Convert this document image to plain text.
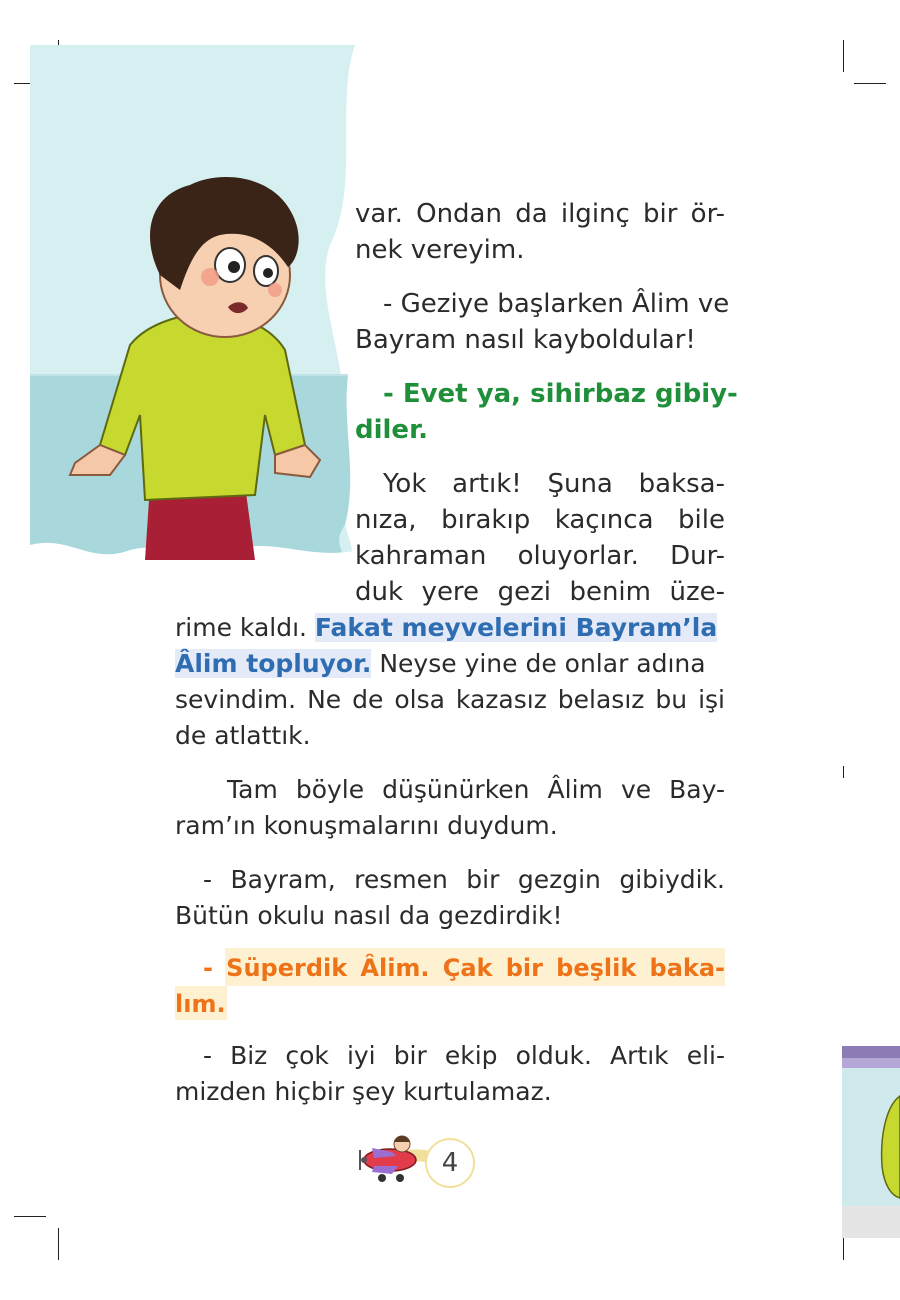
var. Ondan da ilginç bir ör-
nek vereyim.
- Geziye başlarken Âlim ve
Bayram nasıl kayboldular!
- Evet ya, sihirbaz gibiy-
diler.
Yok artık! Şuna baksa-
nıza, bırakıp kaçınca bile
kahraman oluyorlar. Dur-
duk yere gezi benim üze-
rime kaldı. Fakat meyvelerini Bayram’la
Âlim topluyor. Neyse yine de onlar adına
sevindim. Ne de olsa kazasız belasız bu işi
de atlattık.
Tam böyle düşünürken Âlim ve Bay-
ram’ın konuşmalarını duydum.
- Bayram, resmen bir gezgin gibiydik.
Bütün okulu nasıl da gezdirdik!
- Süperdik Âlim. Çak bir beşlik baka-
lım.
- Biz çok iyi bir ekip olduk. Artık eli-
mizden hiçbir şey kurtulamaz.
4
